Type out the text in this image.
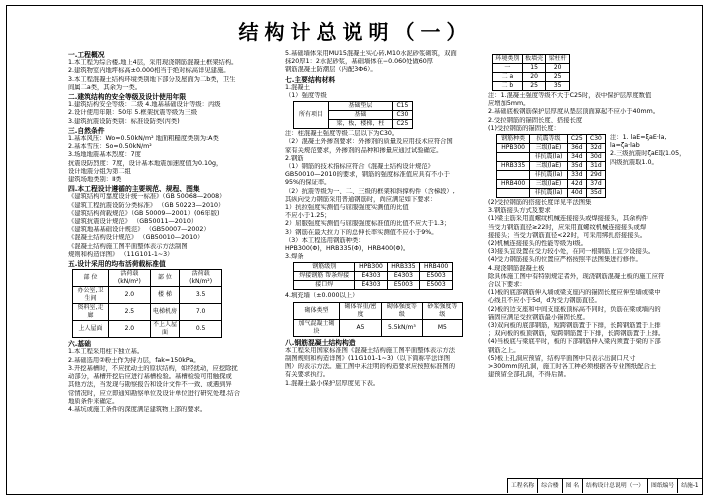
结构计总说明（一）
一.工程概况
1.本工程为综合楼,地上4层，采用现浇钢筋混凝土框架结构。
2.建筑物室内地坪标高±0.000相当于绝对标高详见建施。
3.本工程混凝土结构环境类别地下部分及屋面为二b类，卫生
间属二a类，其余为一类。
二.建筑结构的安全等级及设计使用年限
1.建筑结构安全等级：二级 4.地基基础设计等级：丙级
2.设计使用年限：50年 5.框架抗震等级为三级
3.建筑抗震设防类别：标准设防类(丙类)
三.自然条件
1.基本风压：Wo=0.50kN/m² 地面粗糙度类别为:A类
2.基本雪压：So=0.50kN/m²
3.场地地震基本烈度：7度
抗震设防烈度：7度，设计基本地震加速度值为0.10g，
设计地震分组为第二组
建筑场地类别：Ⅱ类
四.本工程设计遵循的主要规范、规程、图集
《建筑结构可靠度设计统一标准》（GB 50068—2008）
《建筑工程抗震设防分类标准》 （GB 50223—2010）
《建筑结构荷载规范》（GB 50009—2001）(06年版)
《建筑抗震设计规范》 （GB50011—2010）
《建筑地基基础设计规范》 （GB50007—2002）
《混凝土结构设计规范》 （GB50010—2010）
《混凝土结构施工图平面整体表示方法制图
规则和构造详图》 （11G101-1~3）
五.设计采用的均布活荷载标准值
部 位	活荷载(kN/m²)	部 位	活荷载(kN/m²)
办公室,卫生间	2.0	楼 梯	3.5
资料室,走廊	2.5	电梯机房	7.0
上人屋面	2.0	不上人屋面	0.5
六.基础
1.本工程采用柱下独立基。
2.基础选用②粉土作为持力层，fak=150kPa。
3.开挖基槽时，不应扰动土的原状结构，如经扰动，应挖除扰
动部分，基槽开挖后应进行基槽检验。基槽检验可用触探或
其他方法，当发现与勘察报告和设计文件不一致、或遇到异
常情况时，应立即通知勘察单位及设计单位进行研究处理.结合
地质条件来确定。
4.基坑或施工条件的深度满足建筑物上部的要求。
5.基础墙体采用MU15混凝土实心砖,M10水泥砂浆砌筑，双面
抹20厚1：2水泥砂浆，基础墙体在−0.060处做60厚
钢筋混凝土防潮层（内配3Φ6）。
七.主要结构材料
1.混凝土
（1）强度等级
所有项目	基础垫层	C15
	基础	C30
	梁，板，楼梯，柱	C25
注：柱混凝土强度等级二层以下为C30。
（2）混凝土外掺剂要求：外掺剂的质量及应用技术应符合国
家有关规范要求，外掺剂的品种和掺量应通过试验确定。
2.钢筋
（1）钢筋的技术指标应符合《混凝土结构设计规范》
GB50010—2010的要求，钢筋的强度标准值应具有不小于
95%的保证率。
（2）抗震等级为一、二、三级的框架和斜撑构件（含梯段）,
其纵向受力钢筋采用普通钢筋时，尚应满足如下要求：
1）抗拉强度实测值与屈服强度实测值的比值
不应小于1.25；
2）屈服强度实测值与屈服强度标准值的比值不应大于1.3；
3）钢筋在最大拉力下的总伸长率实测值不应小于9%。
（3）本工程选用钢筋种类：
HPB300(Φ)，HRB335(Φ)，HRB400(Φ)。
3.焊条
钢筋级别	HPB300	HRB335	HRB400
焊接钢筋 帮条焊接	E4303	E4303	E5003
接口焊	E4303	E5003	E5003
4.填充墙（±0.000以上）
砌体类型	砌体容重/密度	砌体强度等级	砂浆强度等级
加气混凝土砌块	A5	5.5kN/m³	M5
八.钢筋混凝土结构构造
本工程采用国家标准图《混凝土结构施工图平面整体表示方法
制图规则和构造详图》(11G101-1~3)（以下简称平法详图
图）的表示方法。施工图中未注明的构造要求应按照标准图的
有关要求执行。
1.混凝土最小保护层厚度见下表。
环境类别	板墙壳	梁柱杆
一	15	20
二 a	20	25
二 b	25	35
注：1.混凝土强度等级不大于C25时，表中保护层厚度数值
应增加5mm。
2.基础底板钢筋保护层厚度从垫层顶面算起不应小于40mm。
2.受拉钢筋的锚固长度、搭接长度
(1)受拉钢筋的锚固长度：
钢筋种类	抗震等级	C25	C30
HPB300	三级(laE)	36d	32d
	非抗震(la)	34d	30d
HRB335	三级(laE)	35d	31d
	非抗震(la)	33d	29d
HRB400	三级(laE)	42d	37d
	非抗震(la)	40d	35d
注：1. laE=ξaE·la,
la=ζa·lab
2.三级抗震时ζaE取1.05，
四级抗震取1.0。
(2)受拉钢筋的搭接长度详见平法图集
3.钢筋接头方式及要求
(1)梁主筋采用直螺纹机械连接接头或焊接接头，其余构件
当受力钢筋直径≥22时，应采用直螺纹机械连接接头或焊
接接头；当受力钢筋直径<22时，可采用绑扎搭接接头。
(2)机械连接接头的性能等级为Ⅰ级。
(3)接头宜设置在受力较小处，在同一根钢筋上宜少设接头。
(4)受力钢筋接头的位置应严格按照平法图集进行修作。
4.现浇钢筋混凝土板
除具体施工图中有特别规定者外，现浇钢筋混凝土板的施工应符
合以下要求：
(1)板的底部钢筋伸入墙或梁支座内的锚固长度应伸至墙或梁中
心线且不应小于5d，d为受力钢筋直径。
(2)板的边支座和中间支座板顶标高不同时，负筋在梁或墙内的
锚固应满足受拉钢筋最小锚固长度。
(3)双向板的底部钢筋，短跨钢筋置于下排，长跨钢筋置于上排
；双向板的板顶钢筋，短跨钢筋置于下排，长跨钢筋置于上排。
(4)当板底与梁底平时，板的下部钢筋伸入梁内须置于梁的下部
钢筋之上。
(5)板上孔洞应预留，结构平面图中只表示出洞口尺寸
>300mm的孔洞，施工时各工种必须根据各专业图纸配合土
建预留全部孔洞，不得后凿。
工程名称	综合楼	图 名	结构设计总说明（一）	图纸编号	结施-1
